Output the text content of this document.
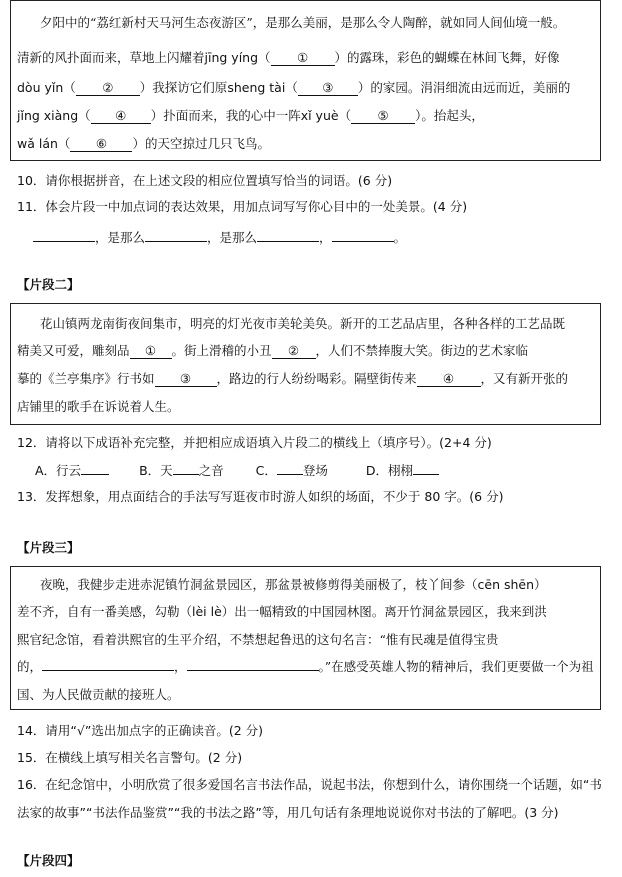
夕阳中的“荔红新村天马河生态夜游区”，是那么美丽，是那么令人陶醉，就如同人间仙境一般。
清新的风扑面而来，草地上闪耀着jīng yíng（ ① ）的露珠，彩色的蝴蝶在林间飞舞，好像
dòu yǐn（ ② ）我探访它们原sheng tài（ ③ ）的家园。涓涓细流由远而近，美丽的
jǐng xiàng（ ④ ）扑面而来，我的心中一阵xǐ yuè（ ⑤ ）。抬起头，
wǎ lán（ ⑥ ）的天空掠过几只飞鸟。
10．请你根据拼音，在上述文段的相应位置填写恰当的词语。(6 分)
11．体会片段一中加点词的表达效果，用加点词写写你心目中的一处美景。(4 分)
，是那么	，是那么	，	。
【片段二】
花山镇两龙南街夜间集市，明亮的灯光夜市美轮美奂。新开的工艺品店里，各种各样的工艺品既
精美又可爱，雕刻品 ① 。街上滑稽的小丑 ② ，人们不禁捧腹大笑。街边的艺术家临
摹的《兰亭集序》行书如 ③ ，路边的行人纷纷喝彩。隔壁街传来 ④ ，又有新开张的
店铺里的歌手在诉说着人生。
12．请将以下成语补充完整，并把相应成语填入片段二的横线上（填序号）。(2+4 分)
A．行云	B．天 之音	C． 登场	D．栩栩
13．发挥想象，用点面结合的手法写写逛夜市时游人如织的场面，不少于 80 字。(6 分)
【片段三】
夜晚，我健步走进赤泥镇竹洞盆景园区，那盆景被修剪得美丽极了，枝丫间参（cēn shēn）
差不齐，自有一番美感，勾勒（lèi lè）出一幅精致的中国园林图。离开竹洞盆景园区，我来到洪
熙官纪念馆，看着洪熙官的生平介绍，不禁想起鲁迅的这句名言：“惟有民魂是值得宝贵
的，	，	。”在感受英雄人物的精神后，我们更要做一个为祖
国、为人民做贡献的接班人。
14．请用“√”选出加点字的正确读音。(2 分)
15．在横线上填写相关名言警句。(2 分)
16．在纪念馆中，小明欣赏了很多爱国名言书法作品，说起书法，你想到什么，请你围绕一个话题，如“书
法家的故事”“书法作品鉴赏”“我的书法之路”等，用几句话有条理地说说你对书法的了解吧。(3 分)
【片段四】
